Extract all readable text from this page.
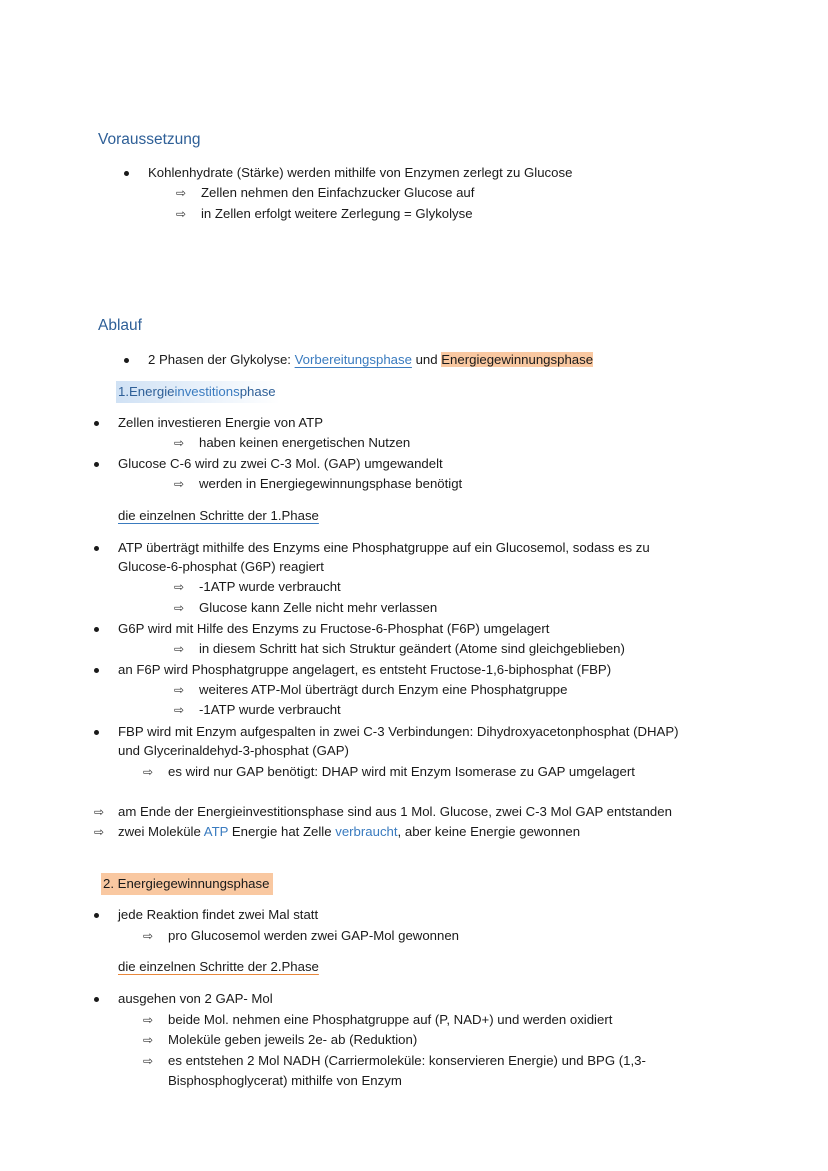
Voraussetzung
Kohlenhydrate (Stärke) werden mithilfe von Enzymen zerlegt zu Glucose
⇨ Zellen nehmen den Einfachzucker Glucose auf
⇨ in Zellen erfolgt weitere Zerlegung = Glykolyse
Ablauf
2 Phasen der Glykolyse: Vorbereitungsphase und Energiegewinnungsphase
1.Energieinvestitionsphase
Zellen investieren Energie von ATP
⇨ haben keinen energetischen Nutzen
Glucose C-6 wird zu zwei C-3 Mol. (GAP) umgewandelt
⇨ werden in Energiegewinnungsphase benötigt
die einzelnen Schritte der 1.Phase
ATP überträgt mithilfe des Enzyms eine Phosphatgruppe auf ein Glucosemol, sodass es zu
Glucose-6-phosphat (G6P) reagiert
⇨ -1ATP wurde verbraucht
⇨ Glucose kann Zelle nicht mehr verlassen
G6P wird mit Hilfe des Enzyms zu Fructose-6-Phosphat (F6P) umgelagert
⇨ in diesem Schritt hat sich Struktur geändert (Atome sind gleichgeblieben)
an F6P wird Phosphatgruppe angelagert, es entsteht Fructose-1,6-biphosphat (FBP)
⇨ weiteres ATP-Mol überträgt durch Enzym eine Phosphatgruppe
⇨ -1ATP wurde verbraucht
FBP wird mit Enzym aufgespalten in zwei C-3 Verbindungen: Dihydroxyacetonphosphat (DHAP)
und Glycerinaldehyd-3-phosphat (GAP)
⇨ es wird nur GAP benötigt: DHAP wird mit Enzym Isomerase zu GAP umgelagert
⇨ am Ende der Energieinvestitionsphase sind aus 1 Mol. Glucose, zwei C-3 Mol GAP entstanden
⇨ zwei Moleküle ATP Energie hat Zelle verbraucht, aber keine Energie gewonnen
2. Energiegewinnungsphase
jede Reaktion findet zwei Mal statt
⇨ pro Glucosemol werden zwei GAP-Mol gewonnen
die einzelnen Schritte der 2.Phase
ausgehen von 2 GAP- Mol
⇨ beide Mol. nehmen eine Phosphatgruppe auf (P, NAD+) und werden oxidiert
⇨ Moleküle geben jeweils 2e- ab (Reduktion)
⇨ es entstehen 2 Mol NADH (Carriermoleküle: konservieren Energie) und BPG (1,3-
Bisphosphoglycerat) mithilfe von Enzym
